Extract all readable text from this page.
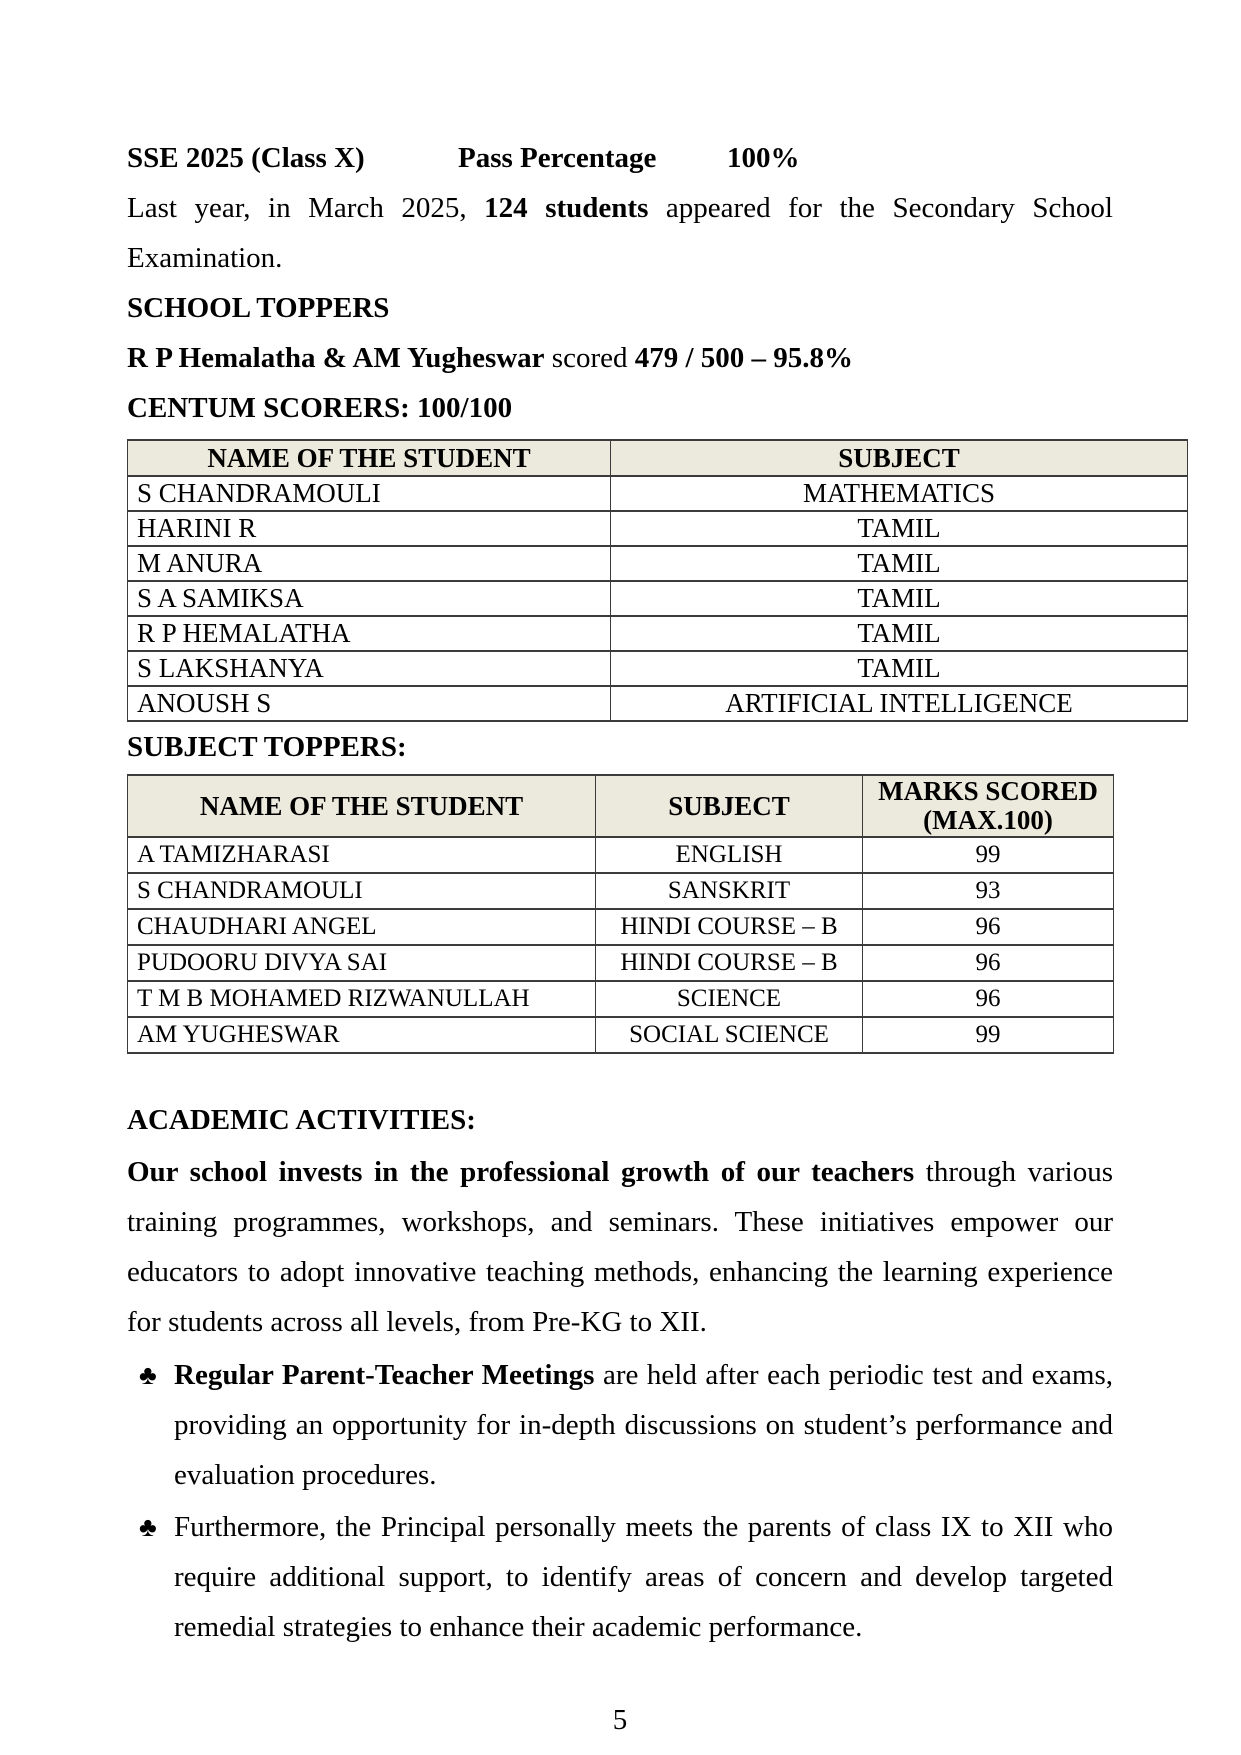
SSE 2025 (Class X)	Pass Percentage 100%

Last year, in March 2025, 124 students appeared for the Secondary School Examination.

SCHOOL TOPPERS

R P Hemalatha & AM Yugheswar scored 479 / 500 – 95.8%

CENTUM SCORERS: 100/100
NAME OF THE STUDENT	SUBJECT
S CHANDRAMOULI	MATHEMATICS
HARINI R	TAMIL
M ANURA	TAMIL
S A SAMIKSA	TAMIL
R P HEMALATHA	TAMIL
S LAKSHANYA	TAMIL
ANOUSH S	ARTIFICIAL INTELLIGENCE
SUBJECT TOPPERS:
NAME OF THE STUDENT	SUBJECT	MARKS SCORED
(MAX.100)

A TAMIZHARASI	ENGLISH	99
S CHANDRAMOULI	SANSKRIT	93
CHAUDHARI ANGEL	HINDI COURSE – B	96
PUDOORU DIVYA SAI	HINDI COURSE – B	96
T M B MOHAMED RIZWANULLAH	SCIENCE	96
AM YUGHESWAR	SOCIAL SCIENCE	99
ACADEMIC ACTIVITIES:

Our school invests in the professional growth of our teachers through various training programmes, workshops, and seminars. These initiatives empower our educators to adopt innovative teaching methods, enhancing the learning experience for students across all levels, from Pre-KG to XII.

♣ Regular Parent-Teacher Meetings are held after each periodic test and exams, providing an opportunity for in-depth discussions on student’s performance and evaluation procedures.
♣ Furthermore, the Principal personally meets the parents of class IX to XII who require additional support, to identify areas of concern and develop targeted remedial strategies to enhance their academic performance.
5
